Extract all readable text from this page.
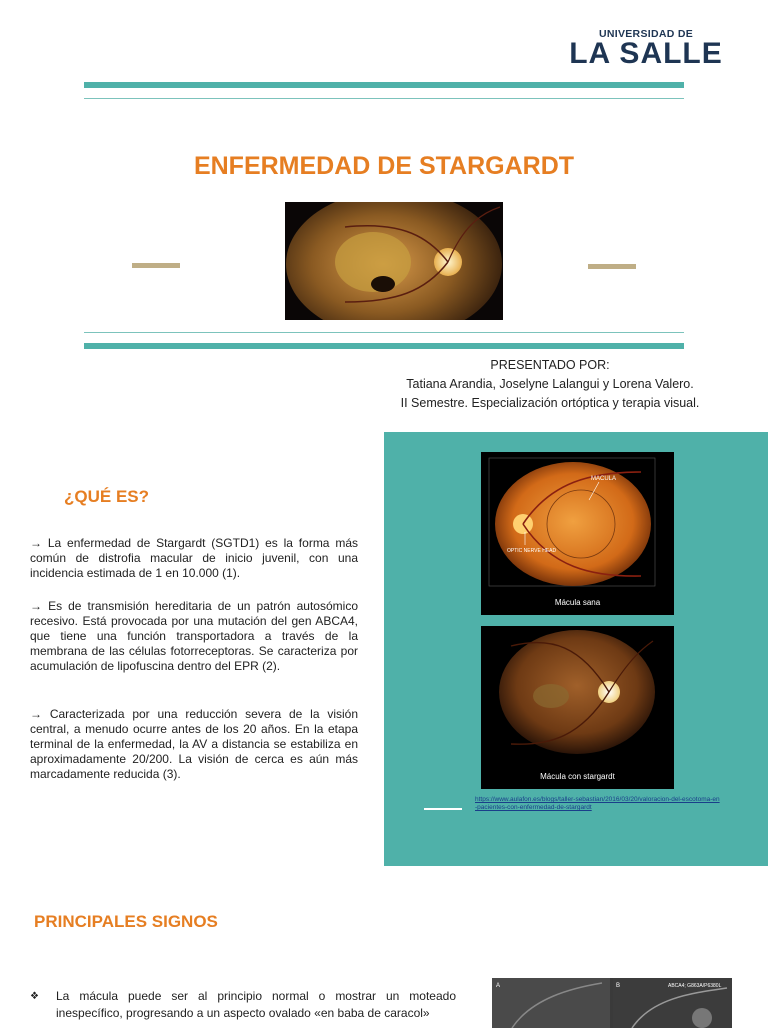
UNIVERSIDAD DE
LA SALLE
ENFERMEDAD DE STARGARDT
PRESENTADO POR:
Tatiana Arandia, Joselyne Lalangui y Lorena Valero.
II Semestre. Especialización ortóptica y terapia visual.
MACULA
OPTIC NERVE HEAD
Mácula sana
Mácula con stargardt
https://www.aulafon.es/blogs/taller-sebastian/2016/03/20/valoracion-del-escotoma-en-pacientes-con-enfermedad-de-stargardt
¿QUÉ ES?
→ La enfermedad de Stargardt (SGTD1) es la forma más común de distrofia macular de inicio juvenil, con una incidencia estimada de 1 en 10.000 (1).
→ Es de transmisión hereditaria de un patrón autosómico recesivo. Está provocada por una mutación del gen ABCA4, que tiene una función transportadora a través de la membrana de las células fotorreceptoras. Se caracteriza por acumulación de lipofuscina dentro del EPR (2).
→ Caracterizada por una reducción severa de la visión central, a menudo ocurre antes de los 20 años. En la etapa terminal de la enfermedad, la AV a distancia se estabiliza en aproximadamente 20/200. La visión de cerca es aún más marcadamente reducida (3).
PRINCIPALES SIGNOS
❖ La mácula puede ser al principio normal o mostrar un moteado inespecífico, progresando a un aspecto ovalado «en baba de caracol»
A	B	ABCA4; G863A/P6380L
